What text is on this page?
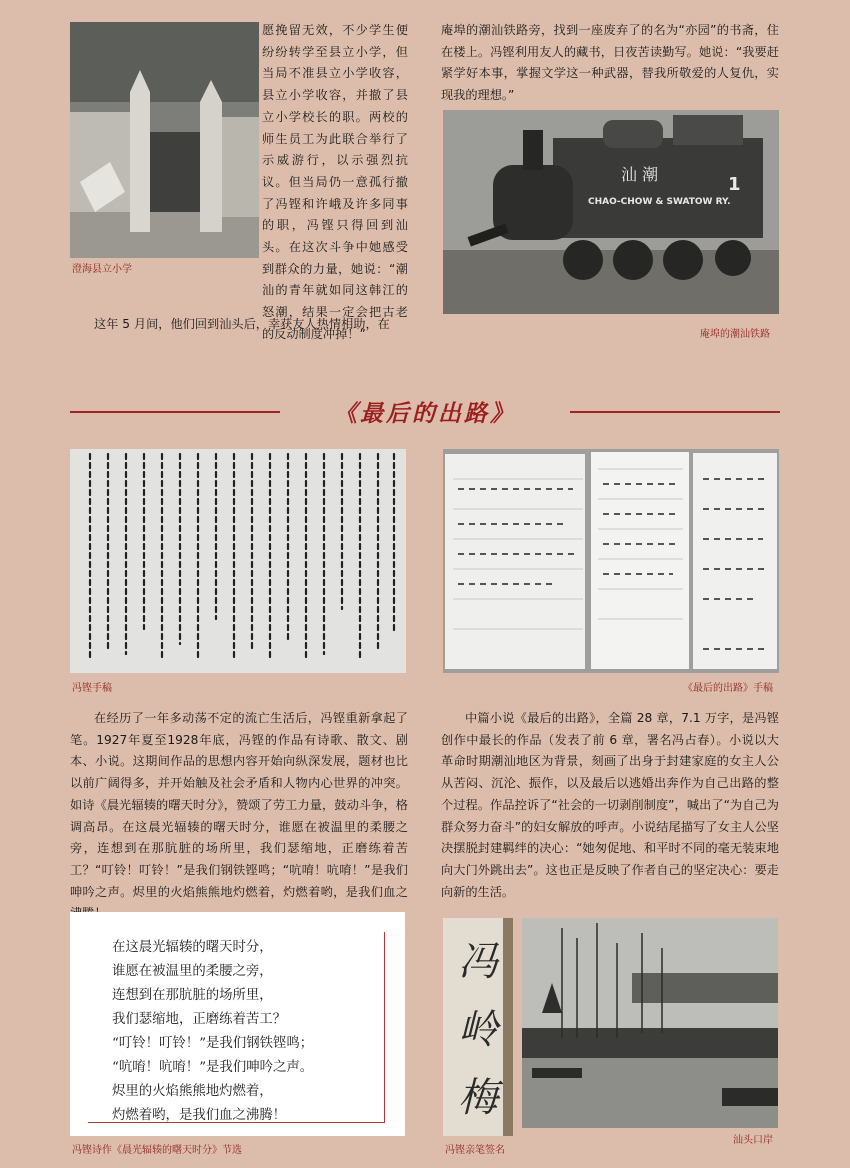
澄海县立小学

愿挽留无效，不少学生便纷纷转学至县立小学，但当局不准县立小学收容，县立小学收容，并撤了县立小学校长的职。两校的师生员工为此联合举行了示威游行，以示强烈抗议。但当局仍一意孤行撤了冯铿和许峨及许多同事的职，冯铿只得回到汕头。在这次斗争中她感受到群众的力量，她说：“潮汕的青年就如同这韩江的怒潮，结果一定会把古老的反动制度冲掉！”

庵埠的潮汕铁路旁，找到一座废弃了的名为“亦园”的书斋，住在楼上。冯铿利用友人的藏书，日夜苦读勤写。她说：“我要赶紧学好本事，掌握文学这一种武器，替我所敬爱的人复仇，实现我的理想。”
汕 潮
CHAO-CHOW & SWATOW RY.
1
庵埠的潮汕铁路
这年 5 月间，他们回到汕头后，幸获友人热情相助，在
《最后的出路》
冯铿手稿	《最后的出路》手稿
在经历了一年多动荡不定的流亡生活后，冯铿重新拿起了笔。1927年夏至1928年底，冯铿的作品有诗歌、散文、剧本、小说。这期间作品的思想内容开始向纵深发展，题材也比以前广阔得多，并开始触及社会矛盾和人物内心世界的冲突。如诗《晨光辐辏的曙天时分》，赞颂了劳工力量，鼓动斗争，格调高昂。在这晨光辐辏的曙天时分，谁愿在被温里的柔腰之旁，连想到在那肮脏的场所里，我们瑟缩地，正磨练着苦工？“叮铃！叮铃！”是我们钢铁铿鸣；“吭唷！吭唷！”是我们呻吟之声。烬里的火焰熊熊地灼燃着，灼燃着哟，是我们血之
中篇小说《最后的出路》，全篇 28 章，7.1 万字，是冯铿创作中最长的作品（发表了前 6 章，署名冯占春）。小说以大革命时期潮汕地区为背景，刻画了出身于封建家庭的女主人公从苦闷、沉沦、振作，以及最后以逃婚出奔作为自己出路的整个过程。作品控诉了“社会的一切剥削制度”，喊出了“为自己为群众努力奋斗”的妇女解放的呼声。小说结尾描写了女主人公坚决摆脱封建羁绊的决心：“她匆促地、和平时不同的毫无装束地向大门外跳出去”。这也正是反映了作者自己的坚定决心：要走向新的生活。
在这晨光辐辏的曙天时分，
谁愿在被温里的柔腰之旁，
连想到在那肮脏的场所里，
我们瑟缩地，正磨练着苦工？
“叮铃！叮铃！”是我们钢铁铿鸣；
“吭唷！吭唷！”是我们呻吟之声。
烬里的火焰熊熊地灼燃着，
灼燃着哟，是我们血之沸腾！
冯铿诗作《晨光辐辏的曙天时分》节选
冯岭梅
冯铿亲笔签名
汕头口岸
